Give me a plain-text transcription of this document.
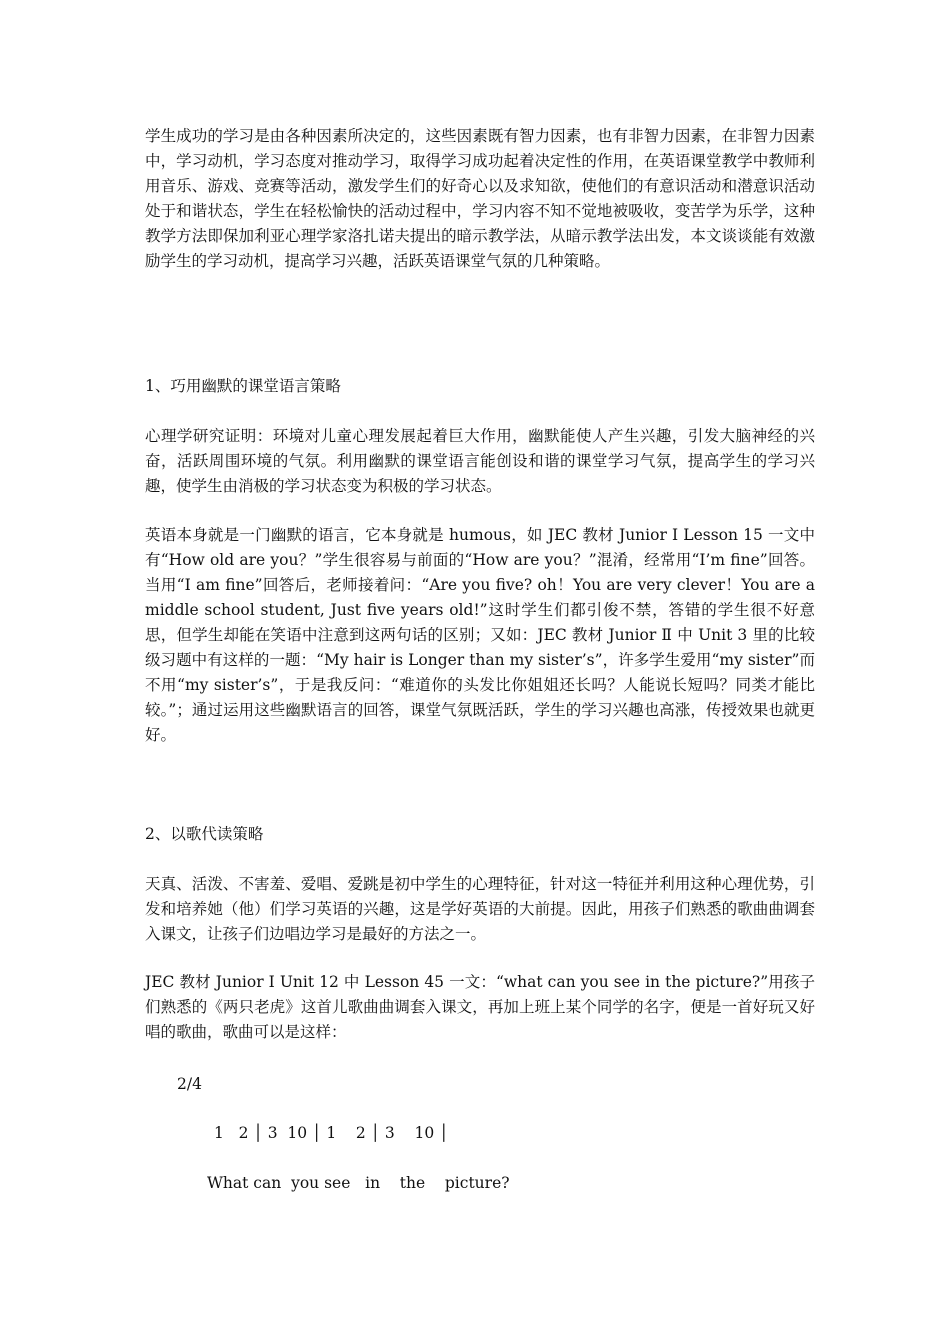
学生成功的学习是由各种因素所决定的，这些因素既有智力因素，也有非智力因素，在非智力因素中，学习动机，学习态度对推动学习，取得学习成功起着决定性的作用，在英语课堂教学中教师利用音乐、游戏、竞赛等活动，激发学生们的好奇心以及求知欲，使他们的有意识活动和潜意识活动处于和谐状态，学生在轻松愉快的活动过程中，学习内容不知不觉地被吸收，变苦学为乐学，这种教学方法即保加利亚心理学家洛扎诺夫提出的暗示教学法，从暗示教学法出发，本文谈谈能有效激励学生的学习动机，提高学习兴趣，活跃英语课堂气氛的几种策略。

1、巧用幽默的课堂语言策略

心理学研究证明：环境对儿童心理发展起着巨大作用，幽默能使人产生兴趣，引发大脑神经的兴奋，活跃周围环境的气氛。利用幽默的课堂语言能创设和谐的课堂学习气氛，提高学生的学习兴趣，使学生由消极的学习状态变为积极的学习状态。

英语本身就是一门幽默的语言，它本身就是 humous，如 JEC 教材 Junior I Lesson 15 一文中有“How old are you？”学生很容易与前面的“How are you？”混淆，经常用“I’m fine”回答。当用“I am fine”回答后，老师接着问：“Are you five? oh！You are very clever！You are a middle school student, Just five years old!”这时学生们都引俊不禁，答错的学生很不好意思，但学生却能在笑语中注意到这两句话的区别；又如：JEC 教材 Junior Ⅱ 中 Unit 3 里的比较级习题中有这样的一题：“My hair is Longer than my sister’s”，许多学生爱用“my sister”而不用“my sister’s”，于是我反问：“难道你的头发比你姐姐还长吗？人能说长短吗？同类才能比较。”；通过运用这些幽默语言的回答，课堂气氛既活跃，学生的学习兴趣也高涨，传授效果也就更好。

2、以歌代读策略

天真、活泼、不害羞、爱唱、爱跳是初中学生的心理特征，针对这一特征并利用这种心理优势，引发和培养她（他）们学习英语的兴趣，这是学好英语的大前提。因此，用孩子们熟悉的歌曲曲调套入课文，让孩子们边唱边学习是最好的方法之一。

JEC 教材 Junior I Unit 12 中 Lesson 45 一文：“what can you see in the picture?”用孩子们熟悉的《两只老虎》这首儿歌曲曲调套入课文，再加上班上某个同学的名字，便是一首好玩又好唱的歌曲，歌曲可以是这样：

2/4

1   2 │ 3  10 │ 1    2 │ 3    10 │

What can  you see   in    the    picture?
